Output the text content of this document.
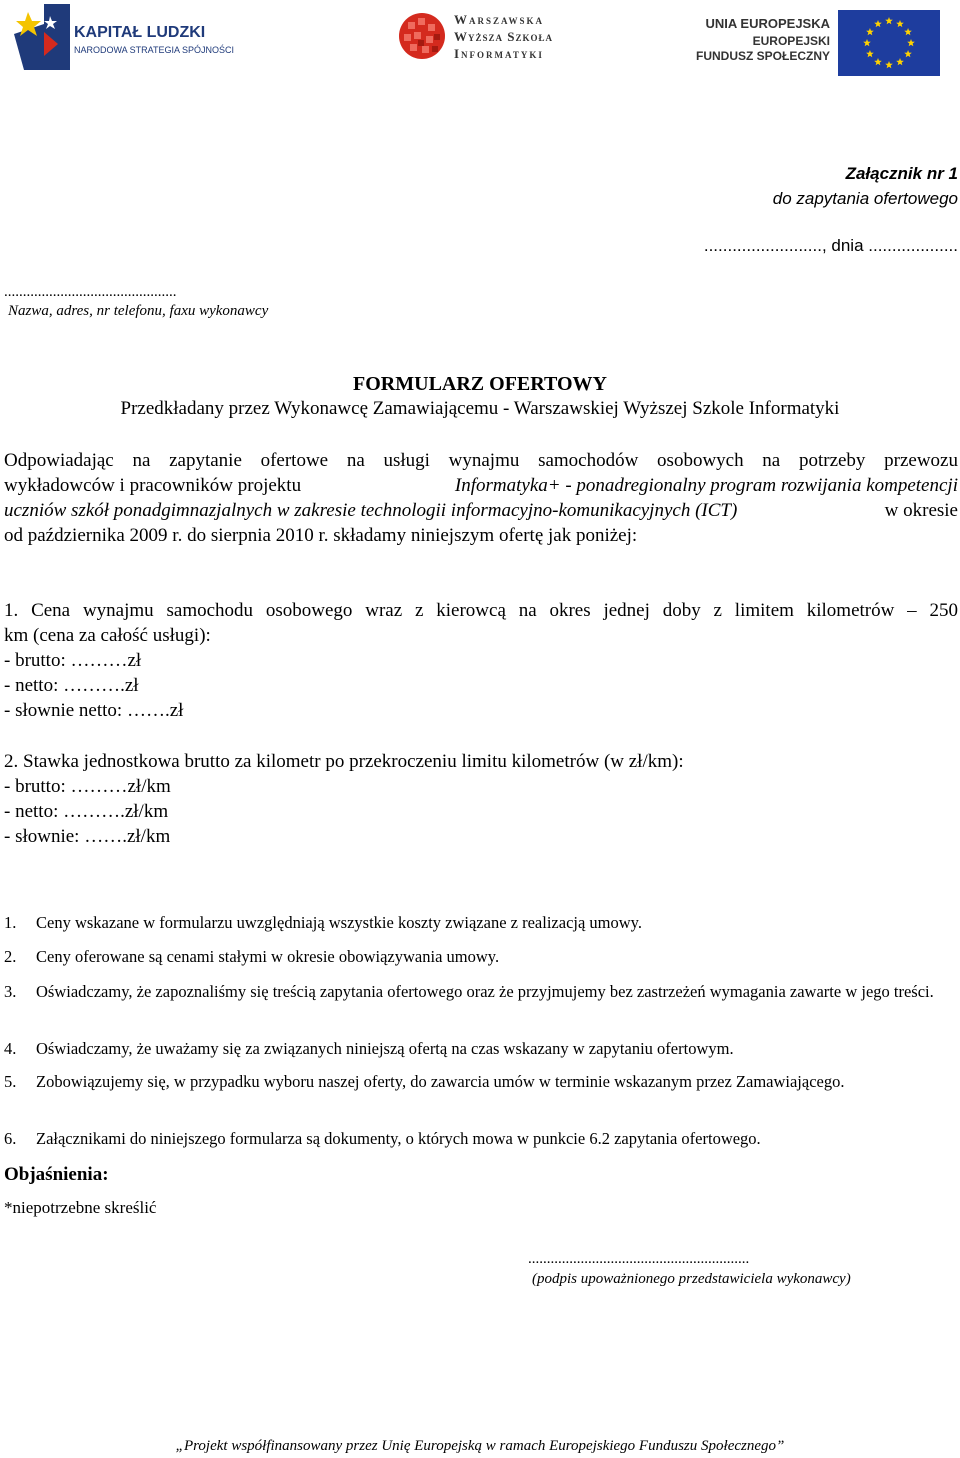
KAPITAŁ LUDZKI
NARODOWA STRATEGIA SPÓJNOŚCI
Warszawska
Wyższa Szkoła
Informatyki
UNIA EUROPEJSKA
EUROPEJSKI
FUNDUSZ SPOŁECZNY
Załącznik nr 1
do zapytania ofertowego
........................., dnia ...................
..............................................
Nazwa, adres, nr telefonu, faxu wykonawcy
FORMULARZ OFERTOWY
Przedkładany przez Wykonawcę Zamawiającemu - Warszawskiej Wyższej Szkole Informatyki
Odpowiadając na zapytanie ofertowe na usługi wynajmu samochodów osobowych na potrzeby przewozu
wykładowców i pracowników projektu	Informatyka+ - ponadregionalny program rozwijania kompetencji
uczniów szkół ponadgimnazjalnych w zakresie technologii informacyjno-komunikacyjnych (ICT)	w okresie
od października 2009 r. do sierpnia 2010 r. składamy niniejszym ofertę jak poniżej:
1. Cena wynajmu samochodu osobowego wraz z kierowcą na okres jednej doby z limitem kilometrów – 250
km (cena za całość usługi):
- brutto: ………zł
- netto: ……….zł
- słownie netto: …….zł
2. Stawka jednostkowa brutto za kilometr po przekroczeniu limitu kilometrów (w zł/km):
- brutto: ………zł/km
- netto: ……….zł/km
- słownie: …….zł/km
1. Ceny wskazane w formularzu uwzględniają wszystkie koszty związane z realizacją umowy.
2. Ceny oferowane są cenami stałymi w okresie obowiązywania umowy.
3. Oświadczamy, że zapoznaliśmy się treścią zapytania ofertowego oraz że przyjmujemy bez zastrzeżeń wymagania zawarte w jego treści.
4. Oświadczamy, że uważamy się za związanych niniejszą ofertą na czas wskazany w zapytaniu ofertowym.
5. Zobowiązujemy się, w przypadku wyboru naszej oferty, do zawarcia umów w terminie wskazanym przez Zamawiającego.
6. Załącznikami do niniejszego formularza są dokumenty, o których mowa w punkcie 6.2 zapytania ofertowego.
Objaśnienia:
*niepotrzebne skreślić
...........................................................
(podpis upoważnionego przedstawiciela wykonawcy)
„Projekt współfinansowany przez Unię Europejską w ramach Europejskiego Funduszu Społecznego”
